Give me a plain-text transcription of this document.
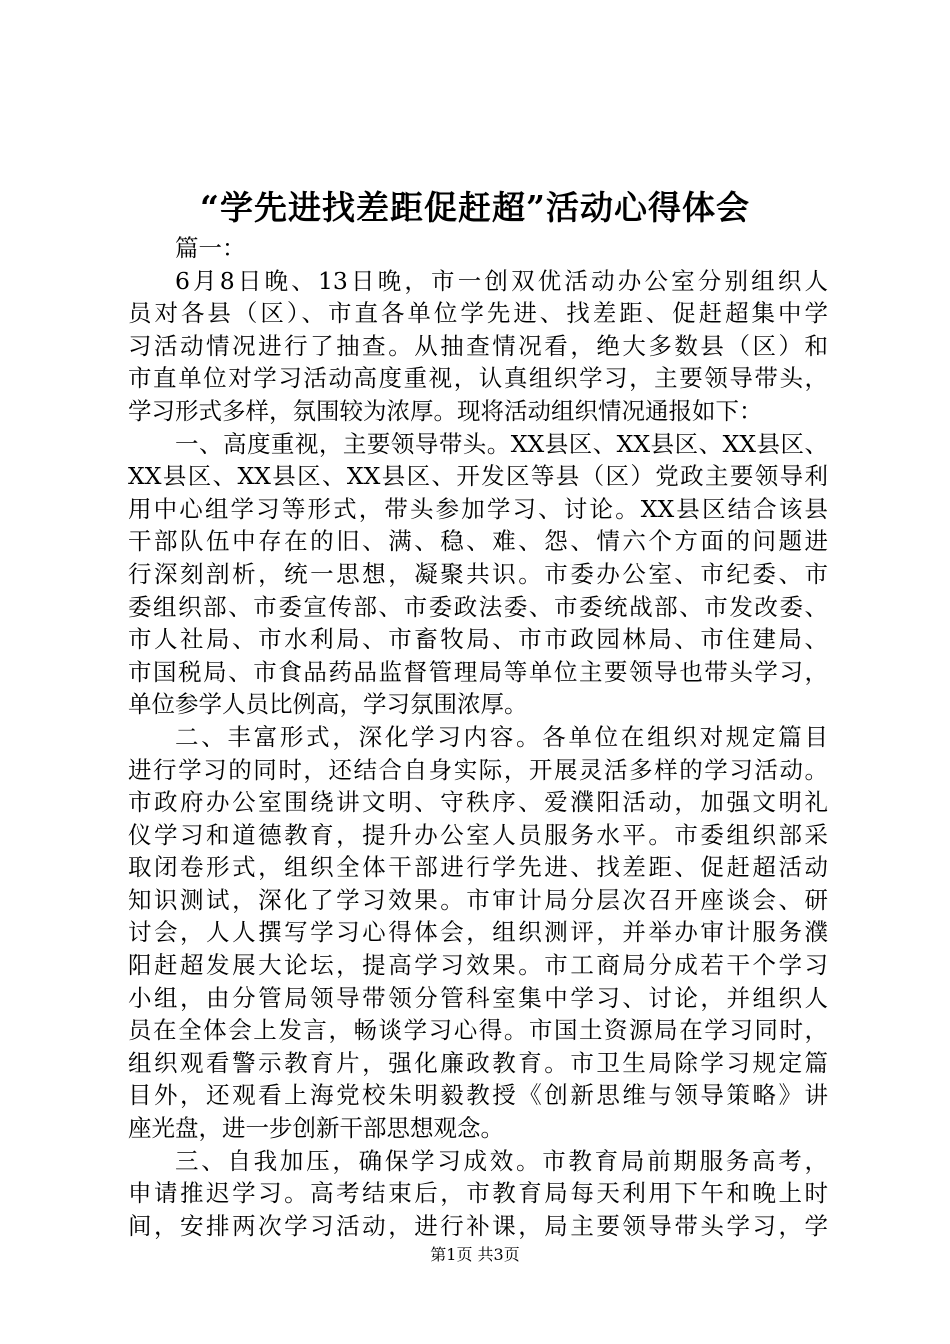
“学先进找差距促赶超”活动心得体会
篇一：
6月8日晚、13日晚，市一创双优活动办公室分别组织人
员对各县（区）、市直各单位学先进、找差距、促赶超集中学
习活动情况进行了抽查。从抽查情况看，绝大多数县（区）和
市直单位对学习活动高度重视，认真组织学习，主要领导带头，
学习形式多样，氛围较为浓厚。现将活动组织情况通报如下：
一、高度重视，主要领导带头。XX县区、XX县区、XX县区、
XX县区、XX县区、XX县区、开发区等县（区）党政主要领导利
用中心组学习等形式，带头参加学习、讨论。XX县区结合该县
干部队伍中存在的旧、满、稳、难、怨、情六个方面的问题进
行深刻剖析，统一思想，凝聚共识。市委办公室、市纪委、市
委组织部、市委宣传部、市委政法委、市委统战部、市发改委、
市人社局、市水利局、市畜牧局、市市政园林局、市住建局、
市国税局、市食品药品监督管理局等单位主要领导也带头学习，
单位参学人员比例高，学习氛围浓厚。
二、丰富形式，深化学习内容。各单位在组织对规定篇目
进行学习的同时，还结合自身实际，开展灵活多样的学习活动。
市政府办公室围绕讲文明、守秩序、爱濮阳活动，加强文明礼
仪学习和道德教育，提升办公室人员服务水平。市委组织部采
取闭卷形式，组织全体干部进行学先进、找差距、促赶超活动
知识测试，深化了学习效果。市审计局分层次召开座谈会、研
讨会，人人撰写学习心得体会，组织测评，并举办审计服务濮
阳赶超发展大论坛，提高学习效果。市工商局分成若干个学习
小组，由分管局领导带领分管科室集中学习、讨论，并组织人
员在全体会上发言，畅谈学习心得。市国土资源局在学习同时，
组织观看警示教育片，强化廉政教育。市卫生局除学习规定篇
目外，还观看上海党校朱明毅教授《创新思维与领导策略》讲
座光盘，进一步创新干部思想观念。
三、自我加压，确保学习成效。市教育局前期服务高考，
申请推迟学习。高考结束后，市教育局每天利用下午和晚上时
间，安排两次学习活动，进行补课，局主要领导带头学习，学
第1页 共3页
